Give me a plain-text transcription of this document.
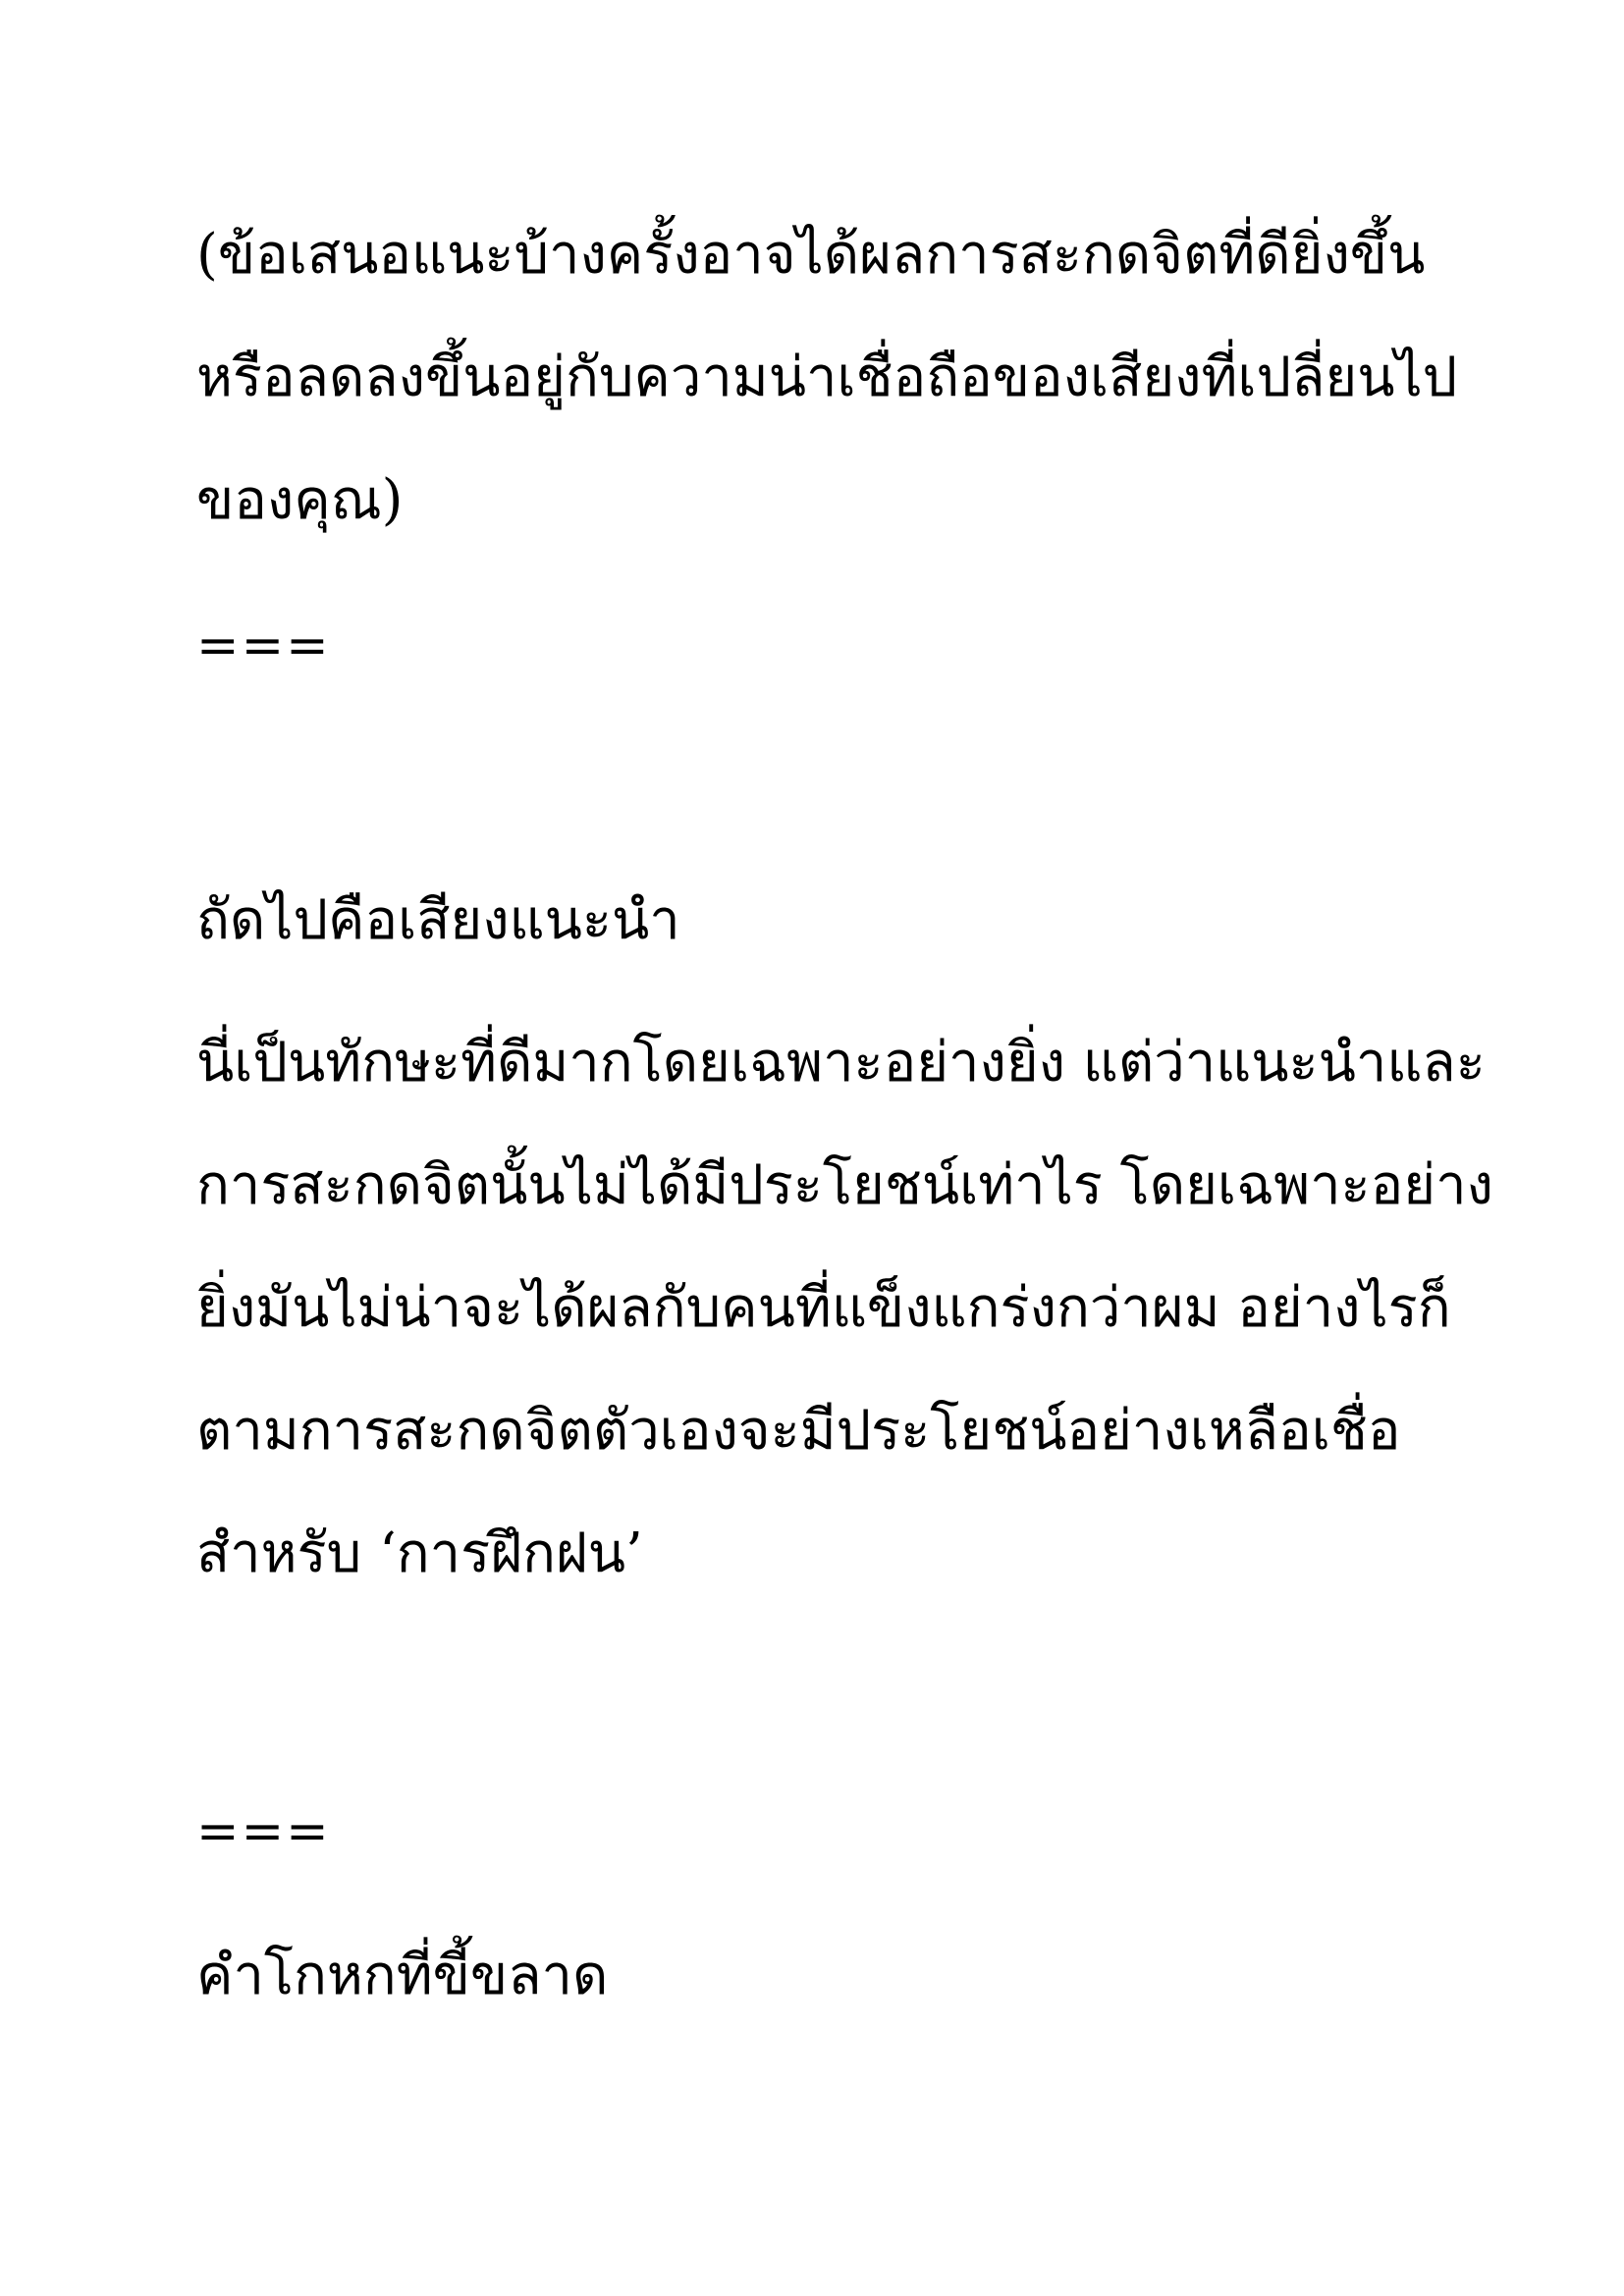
(ข้อเสนอแนะบ้างครั้งอาจได้ผลการสะกดจิตที่ดียิ่งขึ้น
หรือลดลงขึ้นอยู่กับความน่าเชื่อถือของเสียงที่เปลี่ยนไป
ของคุณ)
===
ถัดไปคือเสียงแนะนำ
นี่เป็นทักษะที่ดีมากโดยเฉพาะอย่างยิ่ง แต่ว่าแนะนำและ
การสะกดจิตนั้นไม่ได้มีประโยชน์เท่าไร โดยเฉพาะอย่าง
ยิ่งมันไม่น่าจะได้ผลกับคนที่แข็งแกร่งกว่าผม อย่างไรก็
ตามการสะกดจิตตัวเองจะมีประโยชน์อย่างเหลือเชื่อ
สำหรับ ‘การฝึกฝน’
===
คำโกหกที่ขี้ขลาด
